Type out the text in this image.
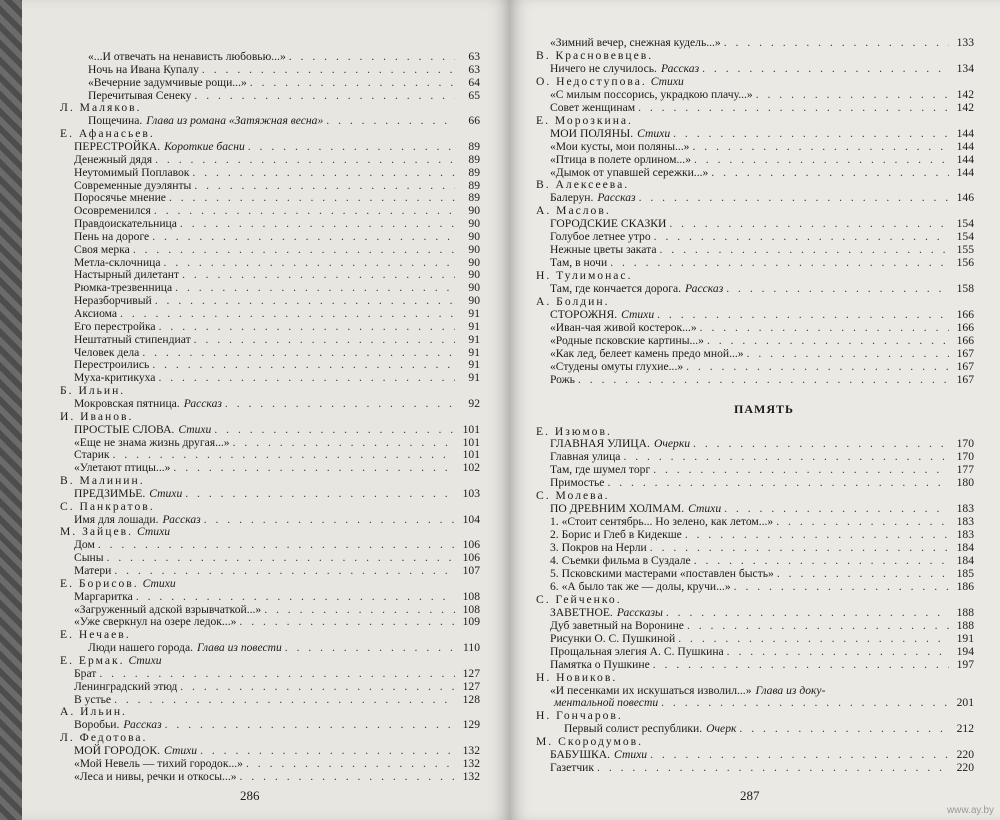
«...И отвечать на ненависть любовью...» . . .	63
Ночь на Ивана Купалу . . .	63
«Вечерние задумчивые рощи...» . . .	64
Перечитывая Сенеку . . .	65
Л. Маляков.
Пощечина. Глава из романа «Затяжная весна» . . .	66
Е. Афанасьев.
ПЕРЕСТРОЙКА. Короткие басни . . .	89
Денежный дядя . . .	89
Неутомимый Поплавок . . .	89
Современные дуэлянты . . .	89
Поросячье мнение . . .	89
Осовременился . . .	90
Правдоискательница . . .	90
Пень на дороге . . .	90
Своя мерка . . .	90
Метла-склочница . . .	90
Настырный дилетант . . .	90
Рюмка-трезвенница . . .	90
Неразборчивый . . .	90
Аксиома . . .	91
Его перестройка . . .	91
Нештатный стипендиат . . .	91
Человек дела . . .	91
Перестроились . . .	91
Муха-критикуха . . .	91
Б. Ильин.
Мокровская пятница. Рассказ . . .	92
И. Иванов.
ПРОСТЫЕ СЛОВА. Стихи . . .	101
«Еще не знама жизнь другая...» . . .	101
Старик . . .	101
«Улетают птицы...» . . .	102
В. Малинин.
ПРЕДЗИМЬЕ. Стихи . . .	103
С. Панкратов.
Имя для лошади. Рассказ . . .	104
М. Зайцев. Стихи
Дом . . .	106
Сыны . . .	106
Матери . . .	107
Е. Борисов. Стихи
Маргаритка . . .	108
«Загруженный адской взрывчаткой...» . . .	108
«Уже сверкнул на озере ледок...» . . .	109
Е. Нечаев.
Люди нашего города. Глава из повести . . .	110
Е. Ермак. Стихи
Брат . . .	127
Ленинградский этюд . . .	127
В устье . . .	128
А. Ильин.
Воробьи. Рассказ . . .	129
Л. Федотова.
МОЙ ГОРОДОК. Стихи . . .	132
«Мой Невель — тихий городок...» . . .	132
«Леса и нивы, речки и откосы...» . . .	132
286
«Зимний вечер, снежная кудель...» . . .	133
В. Красновевцев.
Ничего не случилось. Рассказ . . .	134
О. Недоступова. Стихи
«С милым поссорись, украдкою плачу...» . . .	142
Совет женщинам . . .	142
Е. Морозкина.
МОИ ПОЛЯНЫ. Стихи . . .	144
«Мои кусты, мои поляны...» . . .	144
«Птица в полете орлином...» . . .	144
«Дымок от упавшей сережки...» . . .	144
В. Алексеева.
Балерун. Рассказ . . .	146
А. Маслов.
ГОРОДСКИЕ СКАЗКИ . . .	154
Голубое летнее утро . . .	154
Нежные цветы заката . . .	155
Там, в ночи . . .	156
Н. Тулимонас.
Там, где кончается дорога. Рассказ . . .	158
А. Болдин.
СТОРОЖНЯ. Стихи . . .	166
«Иван-чая живой костерок...» . . .	166
«Родные псковские картины...» . . .	166
«Как лед, белеет камень предо мной...» . . .	167
«Студены омуты глухие...» . . .	167
Рожь . . .	167
Е. Изюмов.
ГЛАВНАЯ УЛИЦА. Очерки . . .	170
Главная улица . . .	170
Там, где шумел торг . . .	177
Примостье . . .	180
С. Молева.
ПО ДРЕВНИМ ХОЛМАМ. Стихи . . .	183
1. «Стоит сентябрь... Но зелено, как летом...» . . .	183
2. Борис и Глеб в Кидекше . . .	183
3. Покров на Нерли . . .	184
4. Съемки фильма в Суздале . . .	184
5. Псковскими мастерами «поставлен бысть» . . .	185
6. «А было так же — долы, кручи...» . . .	186
С. Гейченко.
ЗАВЕТНОЕ. Рассказы . . .	188
Дуб заветный на Воронине . . .	188
Рисунки О. С. Пушкиной . . .	191
Прощальная элегия А. С. Пушкина . . .	194
Памятка о Пушкине . . .	197
Н. Новиков.
«И песенками их искушаться изволил...» Глава из доку-
ментальной повести . . .	201
Н. Гончаров.
Первый солист республики. Очерк . . .	212
М. Скородумов.
БАБУШКА. Стихи . . .	220
Газетчик . . .	220
ПАМЯТЬ
287
www.ay.by
